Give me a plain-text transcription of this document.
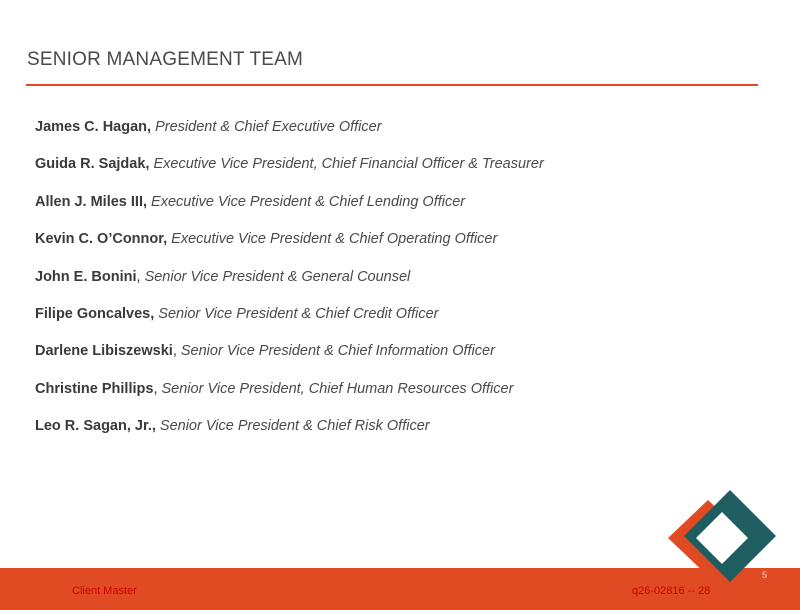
SENIOR MANAGEMENT TEAM
James C. Hagan, President & Chief Executive Officer
Guida R. Sajdak, Executive Vice President, Chief Financial Officer & Treasurer
Allen J. Miles III, Executive Vice President & Chief Lending Officer
Kevin C. O’Connor, Executive Vice President & Chief Operating Officer
John E. Bonini, Senior Vice President & General Counsel
Filipe Goncalves, Senior Vice President & Chief Credit Officer
Darlene Libiszewski, Senior Vice President & Chief Information Officer
Christine Phillips, Senior Vice President, Chief Human Resources Officer
Leo R. Sagan, Jr., Senior Vice President & Chief Risk Officer
Client Master	q26-02816 -- 28
5
